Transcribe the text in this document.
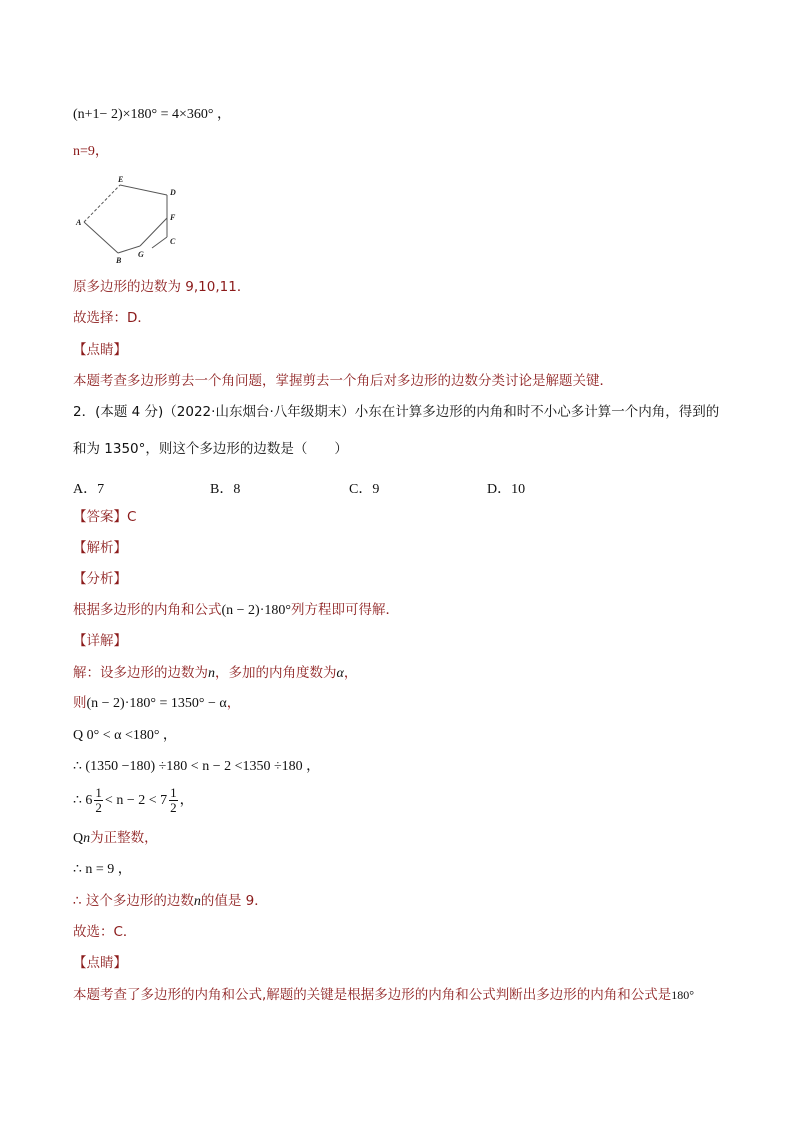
(n+1− 2)×180° = 4×360° ，
n=9，
A
B
C
D
E
F
G
原多边形的边数为 9,10,11．
故选择：D．
【点睛】
本题考查多边形剪去一个角问题，掌握剪去一个角后对多边形的边数分类讨论是解题关键．
2．(本题 4 分)（2022·山东烟台·八年级期末）小东在计算多边形的内角和时不小心多计算一个内角，得到的
和为 1350°，则这个多边形的边数是（　　）
A．7	B．8	C．9	D．10
【答案】C
【解析】
【分析】
根据多边形的内角和公式(n − 2)·180°列方程即可得解．
【详解】
解：设多边形的边数为n，多加的内角度数为α，
则(n − 2)·180° = 1350° − α，
Q 0° < α <180° ，
∴ (1350 −180) ÷180 < n − 2 <1350 ÷180 ，
∴ $6 \frac{1}{2} < n - 2 < 7 \frac{1}{2}$ ，
Qn为正整数，
∴ n = 9 ，
∴ 这个多边形的边数n的值是 9．
故选：C．
【点睛】
本题考查了多边形的内角和公式,解题的关键是根据多边形的内角和公式判断出多边形的内角和公式是180°
